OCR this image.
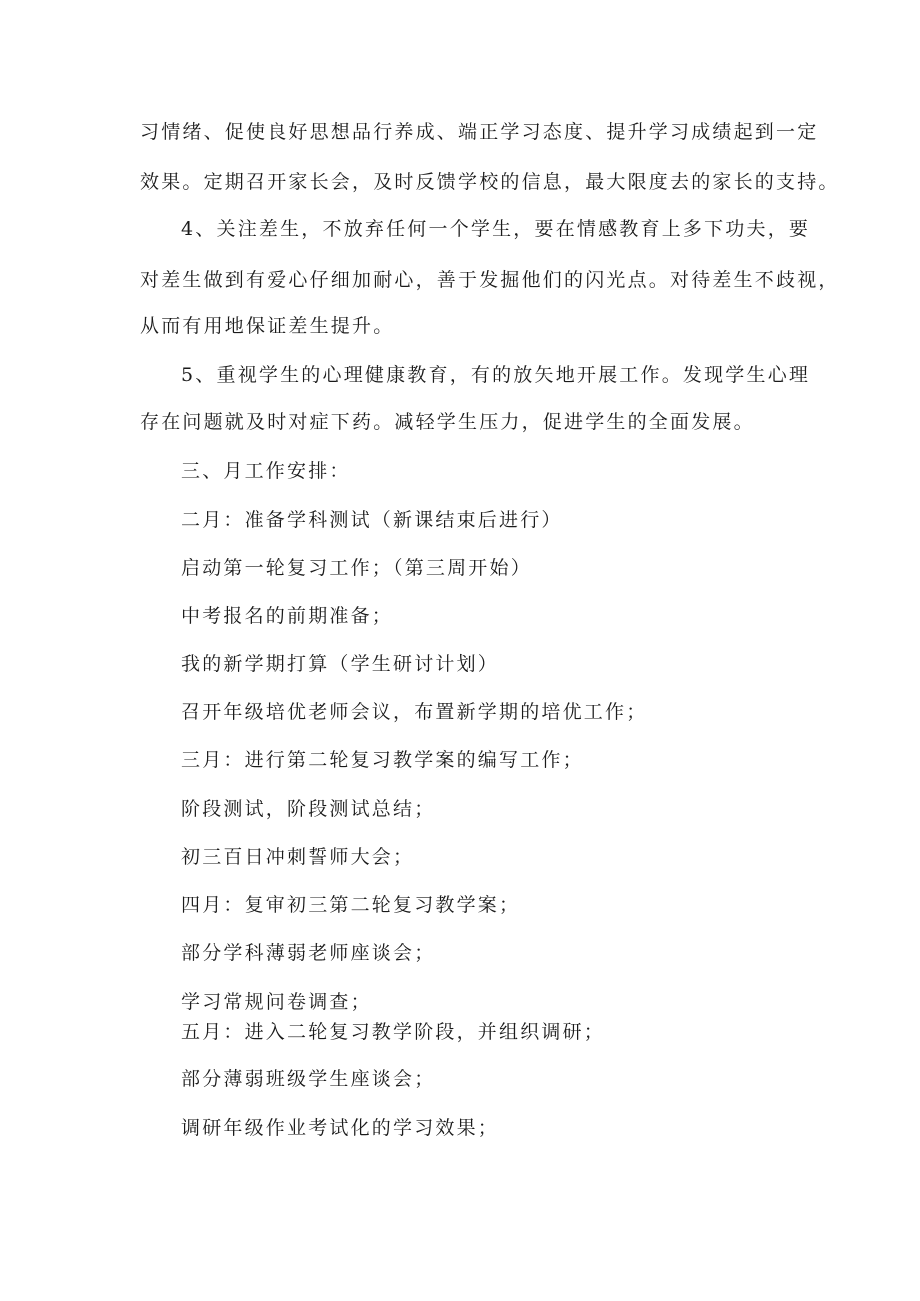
习情绪、促使良好思想品行养成、端正学习态度、提升学习成绩起到一定
效果。定期召开家长会，及时反馈学校的信息，最大限度去的家长的支持。
4、关注差生，不放弃任何一个学生，要在情感教育上多下功夫，要
对差生做到有爱心仔细加耐心，善于发掘他们的闪光点。对待差生不歧视，
从而有用地保证差生提升。
5、重视学生的心理健康教育，有的放矢地开展工作。发现学生心理
存在问题就及时对症下药。减轻学生压力，促进学生的全面发展。
三、月工作安排：
二月：准备学科测试（新课结束后进行）
启动第一轮复习工作；（第三周开始）
中考报名的前期准备；
我的新学期打算（学生研讨计划）
召开年级培优老师会议，布置新学期的培优工作；
三月：进行第二轮复习教学案的编写工作；
阶段测试，阶段测试总结；
初三百日冲刺誓师大会；
四月：复审初三第二轮复习教学案；
部分学科薄弱老师座谈会；
学习常规问卷调查；
五月：进入二轮复习教学阶段，并组织调研；
部分薄弱班级学生座谈会；
调研年级作业考试化的学习效果；
